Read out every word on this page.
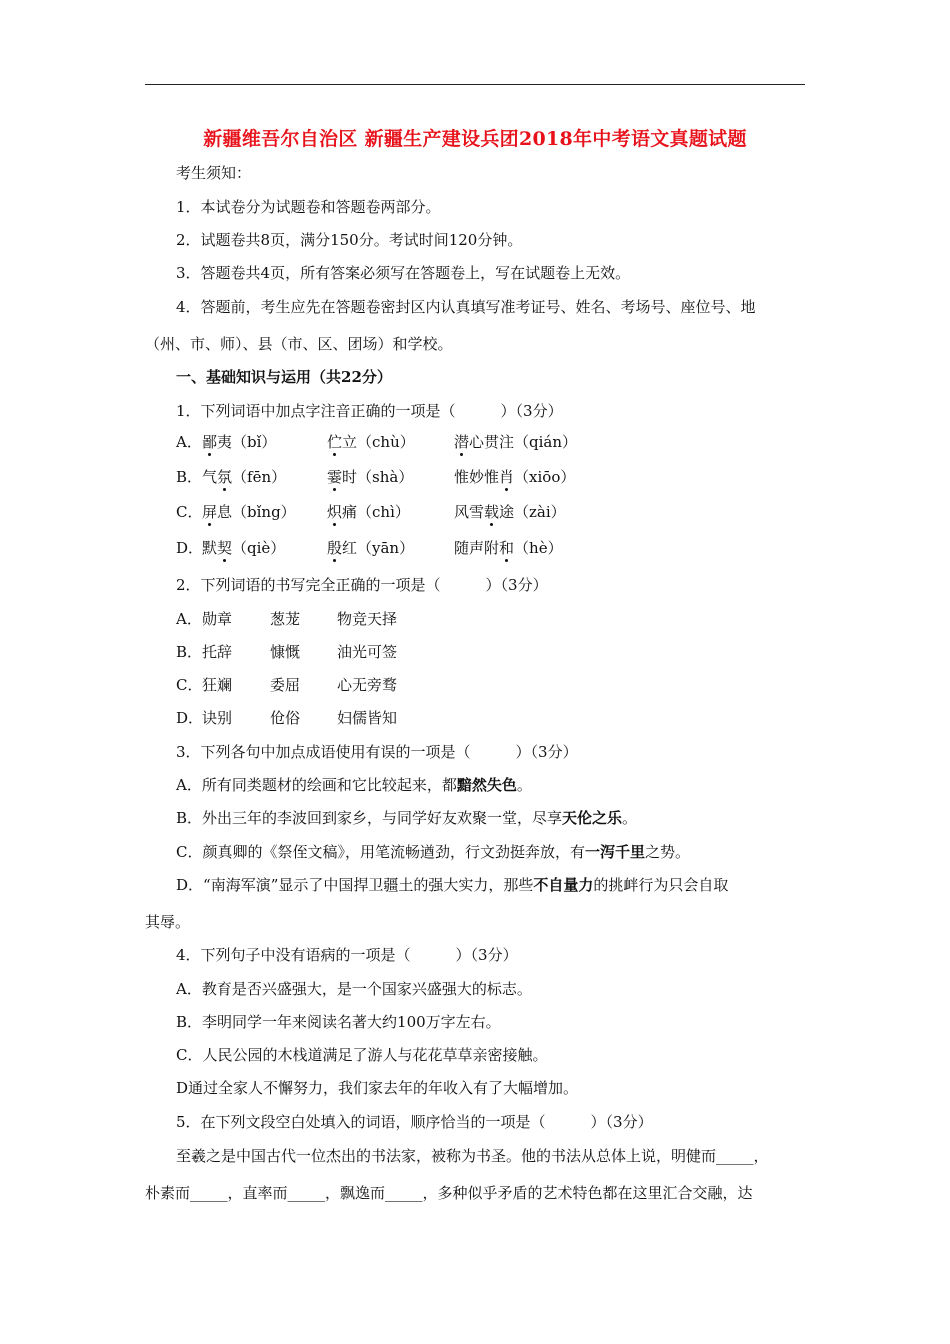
新疆维吾尔自治区 新疆生产建设兵团2018年中考语文真题试题
考生须知：
1．本试卷分为试题卷和答题卷两部分。
2．试题卷共8页，满分150分。考试时间120分钟。
3．答题卷共4页，所有答案必须写在答题卷上，写在试题卷上无效。
4．答题前，考生应先在答题卷密封区内认真填写准考证号、姓名、考场号、座位号、地
（州、市、师）、县（市、区、团场）和学校。
一、基础知识与运用（共22分）
1．下列词语中加点字注音正确的一项是（　　　）（3分）
A． 鄙夷（bǐ）	伫立（chù）	潜心贯注（qián）
B． 气氛（fēn）	霎时（shà）	惟妙惟肖（xiōo）
C． 屏息（bǐng） 炽痛（chì）	风雪载途（zài）
D．
默契（qiè）	殷红（yān）	随声附和（hè）
2．下列词语的书写完全正确的一项是（　　　）（3分）
A． 勋章	葱茏 物竞天择
B． 托辞	慷慨 油光可签
C． 狂斓	委屈 心无旁骛
D．
诀别	伧俗 妇儒皆知
3．下列各句中加点成语使用有误的一项是（　　　）（3分）
A．所有同类题材的绘画和它比较起来，都黯然失色。
B．外出三年的李波回到家乡，与同学好友欢聚一堂，尽享天伦之乐。
C．颜真卿的《祭侄文稿》，用笔流畅遒劲，行文劲挺奔放，有一泻千里之势。
D．“南海军演”显示了中国捍卫疆土的强大实力，那些不自量力的挑衅行为只会自取
其辱。
4．下列句子中没有语病的一项是（　　　）（3分）
A．教育是否兴盛强大，是一个国家兴盛强大的标志。
B．李明同学一年来阅读名著大约100万字左右。
C．人民公园的木栈道满足了游人与花花草草亲密接触。
D通过全家人不懈努力，我们家去年的年收入有了大幅增加。
5．在下列文段空白处填入的词语，顺序恰当的一项是（　　　）（3分）
至羲之是中国古代一位杰出的书法家，被称为书圣。他的书法从总体上说，明健而_____，
朴素而_____，直率而_____，飘逸而_____，多种似乎矛盾的艺术特色都在这里汇合交融，达
